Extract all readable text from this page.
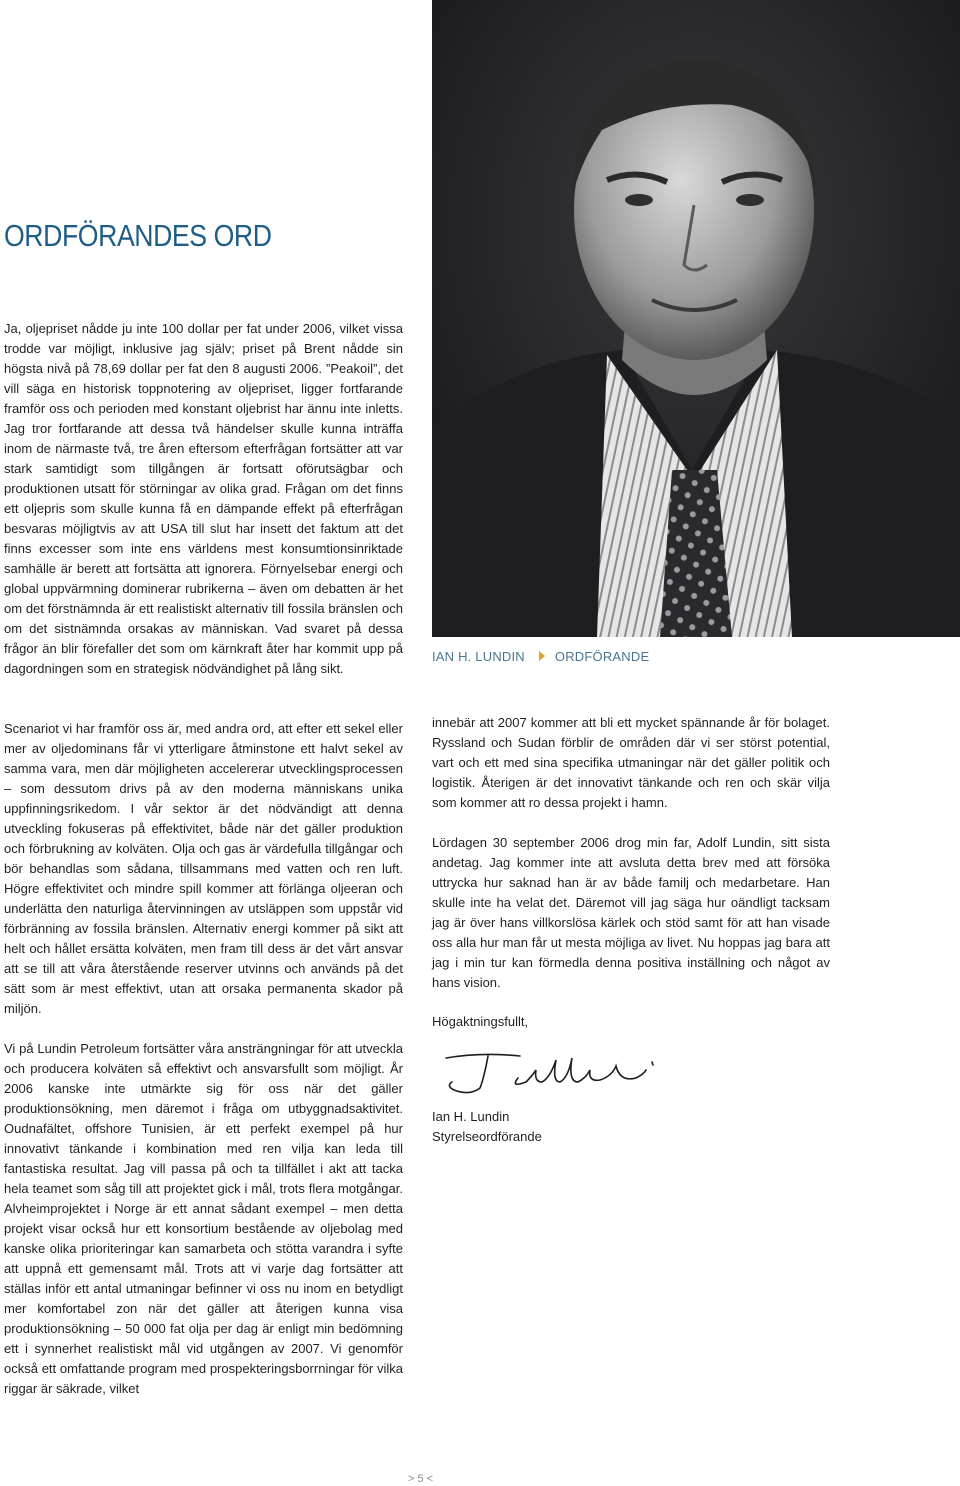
ORDFÖRANDES ORD

Ja, oljepriset nådde ju inte 100 dollar per fat under 2006, vilket vissa trodde var möjligt, inklusive jag själv; priset på Brent nådde sin högsta nivå på 78,69 dollar per fat den 8 augusti 2006. ”Peakoil”, det vill säga en historisk toppnotering av oljepriset, ligger fortfarande framför oss och perioden med konstant oljebrist har ännu inte inletts. Jag tror fortfarande att dessa två händelser skulle kunna inträffa inom de närmaste två, tre åren eftersom efterfrågan fortsätter att var stark samtidigt som tillgången är fortsatt oförutsägbar och produktionen utsatt för störningar av olika grad. Frågan om det finns ett oljepris som skulle kunna få en dämpande effekt på efterfrågan besvaras möjligtvis av att USA till slut har insett det faktum att det finns excesser som inte ens världens mest konsumtionsinriktade samhälle är berett att fortsätta att ignorera. Förnyelsebar energi och global uppvärmning dominerar rubrikerna – även om debatten är het om det förstnämnda är ett realistiskt alternativ till fossila bränslen och om det sistnämnda orsakas av människan. Vad svaret på dessa frågor än blir förefaller det som om kärnkraft åter har kommit upp på dagordningen som en strategisk nödvändighet på lång sikt.

IAN H. LUNDIN ORDFÖRANDE

Scenariot vi har framför oss är, med andra ord, att efter ett sekel eller mer av oljedominans får vi ytterligare åtminstone ett halvt sekel av samma vara, men där möjligheten accelererar utvecklingsprocessen – som dessutom drivs på av den moderna människans unika uppfinningsrikedom. I vår sektor är det nödvändigt att denna utveckling fokuseras på effektivitet, både när det gäller produktion och förbrukning av kolväten. Olja och gas är värdefulla tillgångar och bör behandlas som sådana, tillsammans med vatten och ren luft. Högre effektivitet och mindre spill kommer att förlänga oljeeran och underlätta den naturliga återvinningen av utsläppen som uppstår vid förbränning av fossila bränslen. Alternativ energi kommer på sikt att helt och hållet ersätta kolväten, men fram till dess är det vårt ansvar att se till att våra återstående reserver utvinns och används på det sätt som är mest effektivt, utan att orsaka permanenta skador på miljön.

Vi på Lundin Petroleum fortsätter våra ansträngningar för att utveckla och producera kolväten så effektivt och ansvarsfullt som möjligt. År 2006 kanske inte utmärkte sig för oss när det gäller produktionsökning, men däremot i fråga om utbyggnadsaktivitet. Oudnafältet, offshore Tunisien, är ett perfekt exempel på hur innovativt tänkande i kombination med ren vilja kan leda till fantastiska resultat. Jag vill passa på och ta tillfället i akt att tacka hela teamet som såg till att projektet gick i mål, trots flera motgångar. Alvheimprojektet i Norge är ett annat sådant exempel – men detta projekt visar också hur ett konsortium bestående av oljebolag med kanske olika prioriteringar kan samarbeta och stötta varandra i syfte att uppnå ett gemensamt mål. Trots att vi varje dag fortsätter att ställas inför ett antal utmaningar befinner vi oss nu inom en betydligt mer komfortabel zon när det gäller att återigen kunna visa produktionsökning – 50 000 fat olja per dag är enligt min bedömning ett i synnerhet realistiskt mål vid utgången av 2007. Vi genomför också ett omfattande program med prospekteringsborrningar för vilka riggar är säkrade, vilket

innebär att 2007 kommer att bli ett mycket spännande år för bolaget. Ryssland och Sudan förblir de områden där vi ser störst potential, vart och ett med sina specifika utmaningar när det gäller politik och logistik. Återigen är det innovativt tänkande och ren och skär vilja som kommer att ro dessa projekt i hamn.

Lördagen 30 september 2006 drog min far, Adolf Lundin, sitt sista andetag. Jag kommer inte att avsluta detta brev med att försöka uttrycka hur saknad han är av både familj och medarbetare. Han skulle inte ha velat det. Däremot vill jag säga hur oändligt tacksam jag är över hans villkorslösa kärlek och stöd samt för att han visade oss alla hur man får ut mesta möjliga av livet. Nu hoppas jag bara att jag i min tur kan förmedla denna positiva inställning och något av hans vision.

Högaktningsfullt,

Ian H. Lundin
Styrelseordförande

> 5 <
